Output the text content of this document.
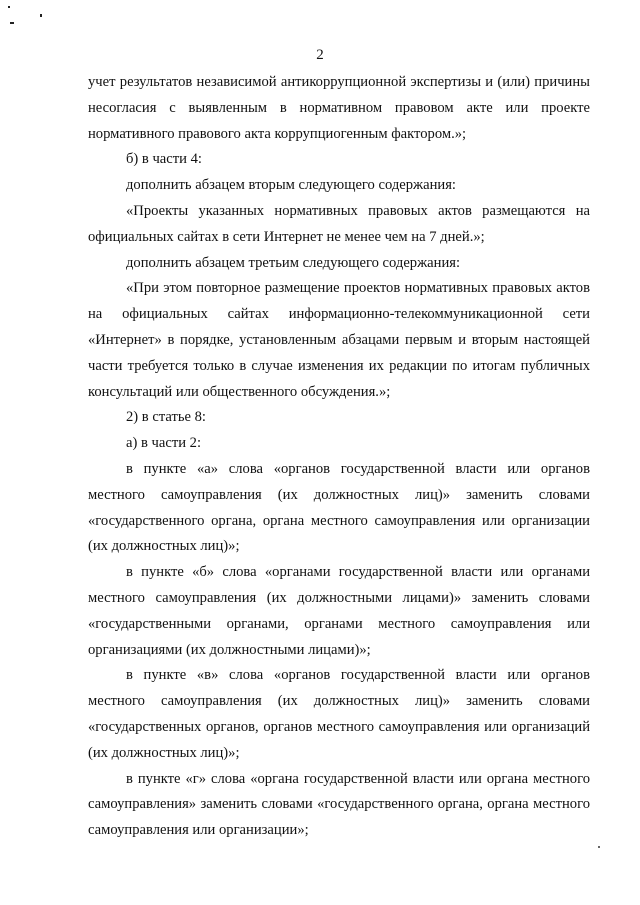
2

учет результатов независимой антикоррупционной экспертизы и (или) причины несогласия с выявленным в нормативном правовом акте или проекте нормативного правового акта коррупциогенным фактором.»;

б) в части 4:

дополнить абзацем вторым следующего содержания:

«Проекты указанных нормативных правовых актов размещаются на официальных сайтах в сети Интернет не менее чем на 7 дней.»;

дополнить абзацем третьим следующего содержания:

«При этом повторное размещение проектов нормативных правовых актов на официальных сайтах информационно-телекоммуникационной сети «Интернет» в порядке, установленным абзацами первым и вторым настоящей части требуется только в случае изменения их редакции по итогам публичных консультаций или общественного обсуждения.»;

2) в статье 8:

а) в части 2:

в пункте «а» слова «органов государственной власти или органов местного самоуправления (их должностных лиц)» заменить словами «государственного органа, органа местного самоуправления или организации (их должностных лиц)»;

в пункте «б» слова «органами государственной власти или органами местного самоуправления (их должностными лицами)» заменить словами «государственными органами, органами местного самоуправления или организациями (их должностными лицами)»;

в пункте «в» слова «органов государственной власти или органов местного самоуправления (их должностных лиц)» заменить словами «государственных органов, органов местного самоуправления или организаций (их должностных лиц)»;

в пункте «г» слова «органа государственной власти или органа местного самоуправления» заменить словами «государственного органа, органа местного самоуправления или организации»;
